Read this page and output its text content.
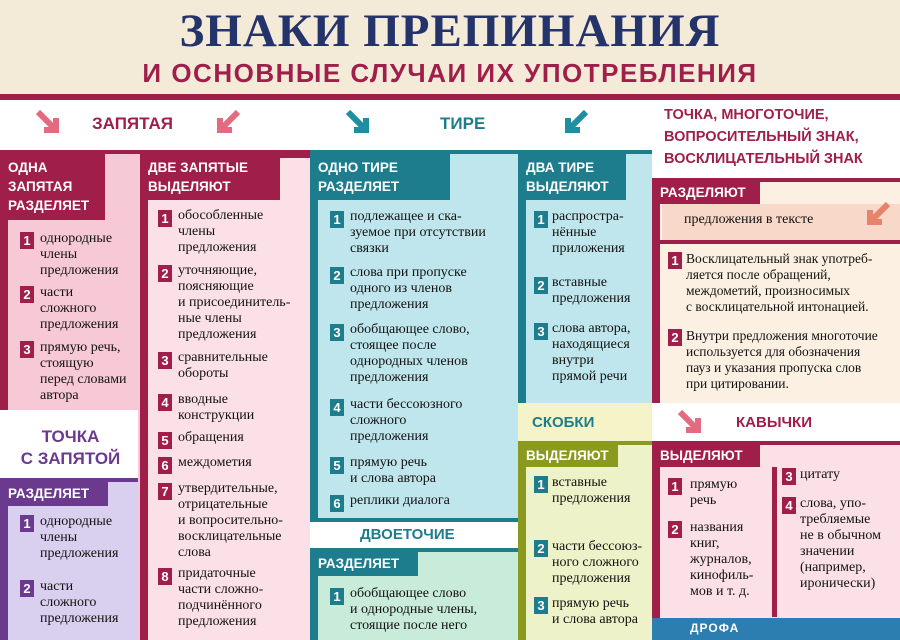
ЗНАКИ ПРЕПИНАНИЯ
И ОСНОВНЫЕ СЛУЧАИ ИХ УПОТРЕБЛЕНИЯ
ЗАПЯТАЯ
ОДНА
ЗАПЯТАЯ
РАЗДЕЛЯЕТ
1 однородные
члены
предложения
2 части
сложного
предложения
3 прямую речь,
стоящую
перед словами
автора
ДВЕ ЗАПЯТЫЕ
ВЫДЕЛЯЮТ
1 обособленные
члены
предложения
2 уточняющие,
поясняющие
и присоединитель-
ные члены
предложения
3 сравнительные
обороты
4 вводные
конструкции
5 обращения
6 междометия
7 утвердительные,
отрицательные
и вопросительно-
восклицательные
слова
8 придаточные
части сложно-
подчинённого
предложения
ТОЧКА
С ЗАПЯТОЙ
РАЗДЕЛЯЕТ
1 однородные
члены
предложения
2 части
сложного
предложения
ТИРЕ
ОДНО ТИРЕ
РАЗДЕЛЯЕТ
1 подлежащее и ска-
зуемое при отсутствии
связки
2 слова при пропуске
одного из членов
предложения
3 обобщающее слово,
стоящее после
однородных членов
предложения
4 части бессоюзного
сложного
предложения
5 прямую речь
и слова автора
6 реплики диалога
ДВА ТИРЕ
ВЫДЕЛЯЮТ
1 распростра-
нённые
приложения
2 вставные
предложения
3 слова автора,
находящиеся
внутри
прямой речи
ДВОЕТОЧИЕ
РАЗДЕЛЯЕТ
1 обобщающее слово
и однородные члены,
стоящие после него
СКОБКИ
ВЫДЕЛЯЮТ
1 вставные
предложения
2 части бессоюз-
ного сложного
предложения
3 прямую речь
и слова автора
ТОЧКА, МНОГОТОЧИЕ,
ВОПРОСИТЕЛЬНЫЙ ЗНАК,
ВОСКЛИЦАТЕЛЬНЫЙ ЗНАК
РАЗДЕЛЯЮТ
предложения в тексте
1 Восклицательный знак употреб-
ляется после обращений,
междометий, произносимых
с восклицательной интонацией.
2 Внутри предложения многоточие
используется для обозначения
пауз и указания пропуска слов
при цитировании.
КАВЫЧКИ
ВЫДЕЛЯЮТ
1 прямую
речь
2 названия
книг,
журналов,
кинофиль-
мов и т. д.
3 цитату
4 слова, упо-
требляемые
не в обычном
значении
(например,
иронически)
ДРОФА
